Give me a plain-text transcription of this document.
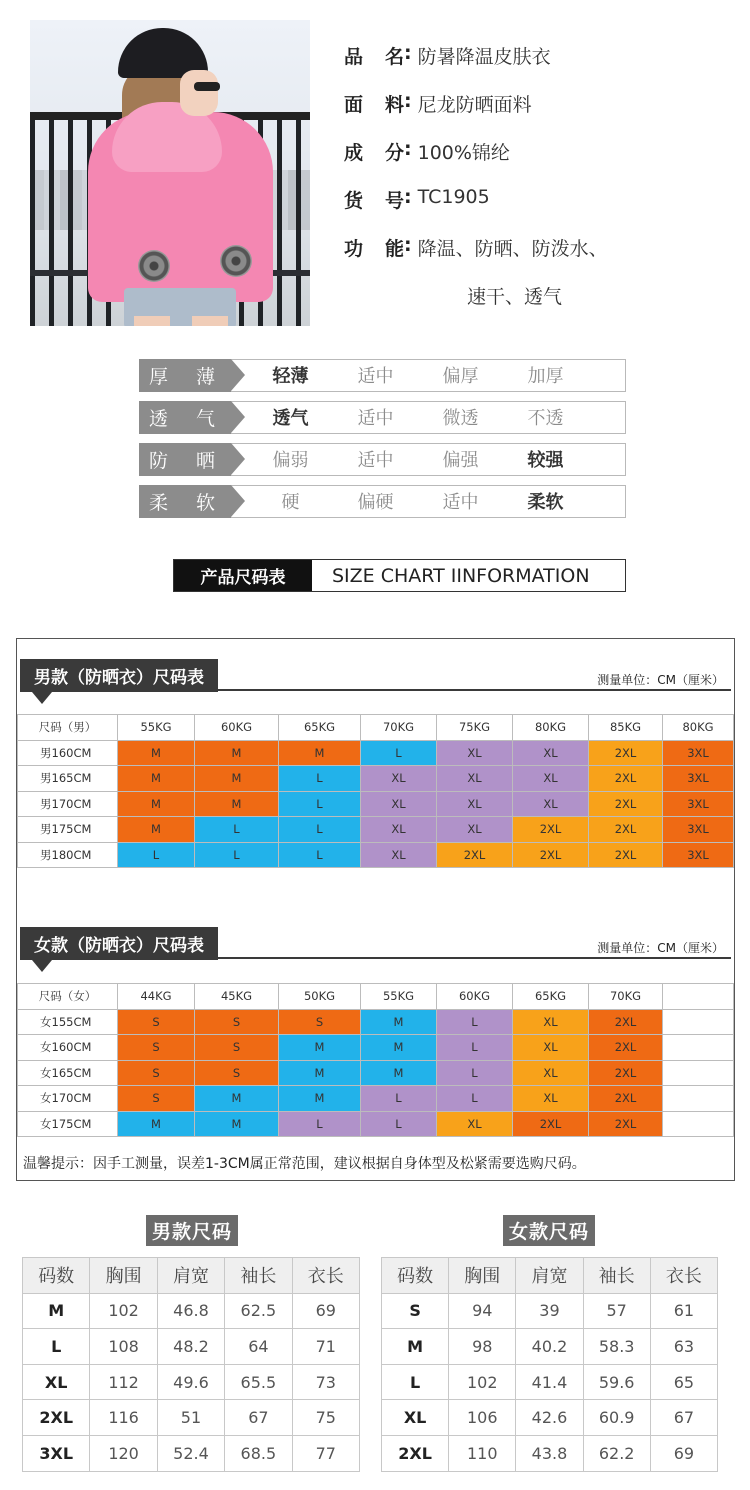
品 名 : 防暑降温皮肤衣
面 料 : 尼龙防晒面料
成 分 : 100%锦纶
货 号 : TC1905
功 能 : 降温、防晒、防泼水、
速干、透气
厚 薄	轻薄	适中	偏厚	加厚
透 气	透气	适中	微透	不透
防 晒	偏弱	适中	偏强	较强
柔 软	硬	偏硬	适中	柔软
产品尺码表	SIZE CHART IINFORMATION
男款（防晒衣）尺码表	测量单位：CM（厘米）
尺码（男）	55KG	60KG	65KG	70KG	75KG	80KG	85KG	80KG
男160CM	M	M	M	L	XL	XL	2XL	3XL
男165CM	M	M	L	XL	XL	XL	2XL	3XL
男170CM	M	M	L	XL	XL	XL	2XL	3XL
男175CM	M	L	L	XL	XL	2XL	2XL	3XL
男180CM	L	L	L	XL	2XL	2XL	2XL	3XL
女款（防晒衣）尺码表	测量单位：CM（厘米）
尺码（女）	44KG	45KG	50KG	55KG	60KG	65KG	70KG	
女155CM	S	S	S	M	L	XL	2XL	
女160CM	S	S	M	M	L	XL	2XL	
女165CM	S	S	M	M	L	XL	2XL	
女170CM	S	M	M	L	L	XL	2XL	
女175CM	M	M	L	L	XL	2XL	2XL	
温馨提示：因手工测量，误差1-3CM属正常范围，建议根据自身体型及松紧需要选购尺码。
男款尺码
码数	胸围	肩宽	袖长	衣长
M	102	46.8	62.5	69
L	108	48.2	64	71
XL	112	49.6	65.5	73
2XL	116	51	67	75
3XL	120	52.4	68.5	77
女款尺码
码数	胸围	肩宽	袖长	衣长
S	94	39	57	61
M	98	40.2	58.3	63
L	102	41.4	59.6	65
XL	106	42.6	60.9	67
2XL	110	43.8	62.2	69
